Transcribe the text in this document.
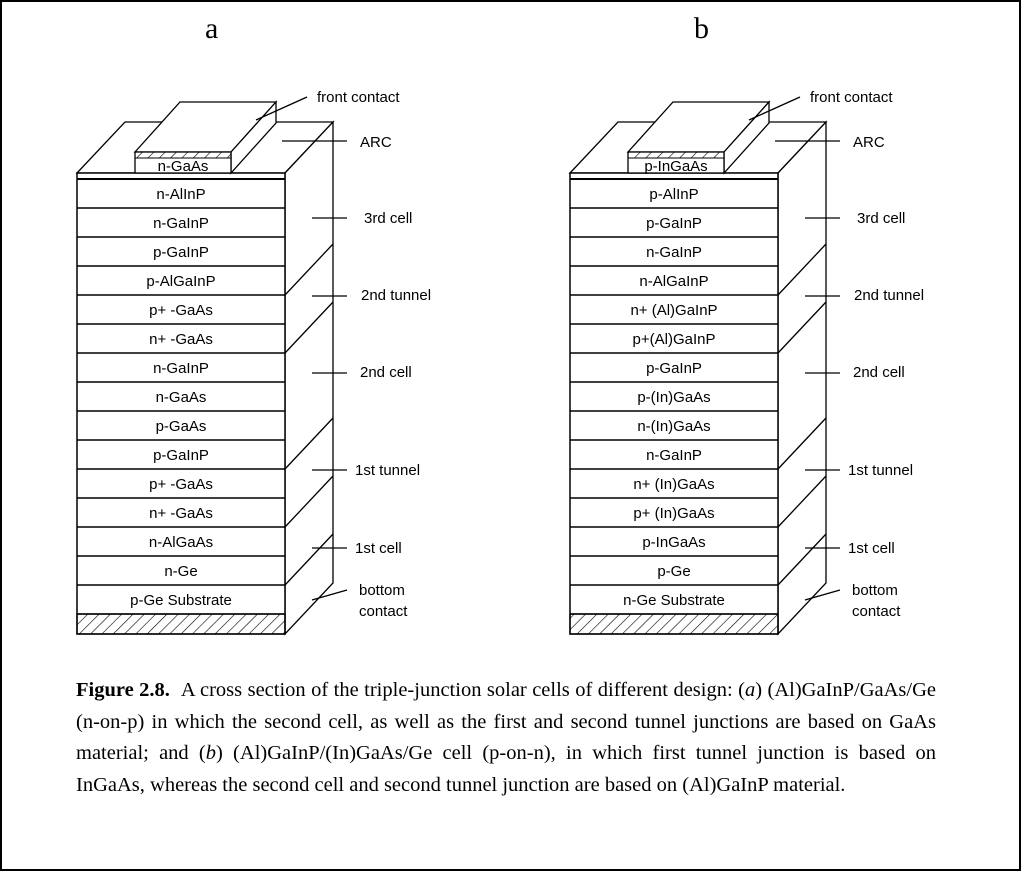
a	b
n-AlInP
n-GaInP
p-GaInP
p-AlGaInP
p+ -GaAs
n+ -GaAs
n-GaInP
n-GaAs
p-GaAs
p-GaInP
p+ -GaAs
n+ -GaAs
n-AlGaAs
n-Ge
p-Ge Substrate
n-GaAs
front contact
ARC
3rd cell
2nd tunnel
2nd cell
1st tunnel
1st cell
bottom
contact
p-AlInP
p-GaInP
n-GaInP
n-AlGaInP
n+ (Al)GaInP
p+(Al)GaInP
p-GaInP
p-(In)GaAs
n-(In)GaAs
n-GaInP
n+ (In)GaAs
p+ (In)GaAs
p-InGaAs
p-Ge
n-Ge Substrate
p-InGaAs
front contact
ARC
3rd cell
2nd tunnel
2nd cell
1st tunnel
1st cell
bottom
contact
Figure 2.8. A cross section of the triple-junction solar cells of different design: (a) (Al)GaInP/GaAs/Ge (n-on-p) in which the second cell, as well as the first and second tunnel junctions are based on GaAs material; and (b) (Al)GaInP/(In)GaAs/Ge cell (p-on-n), in which first tunnel junction is based on InGaAs, whereas the second cell and second tunnel junction are based on (Al)GaInP material.
